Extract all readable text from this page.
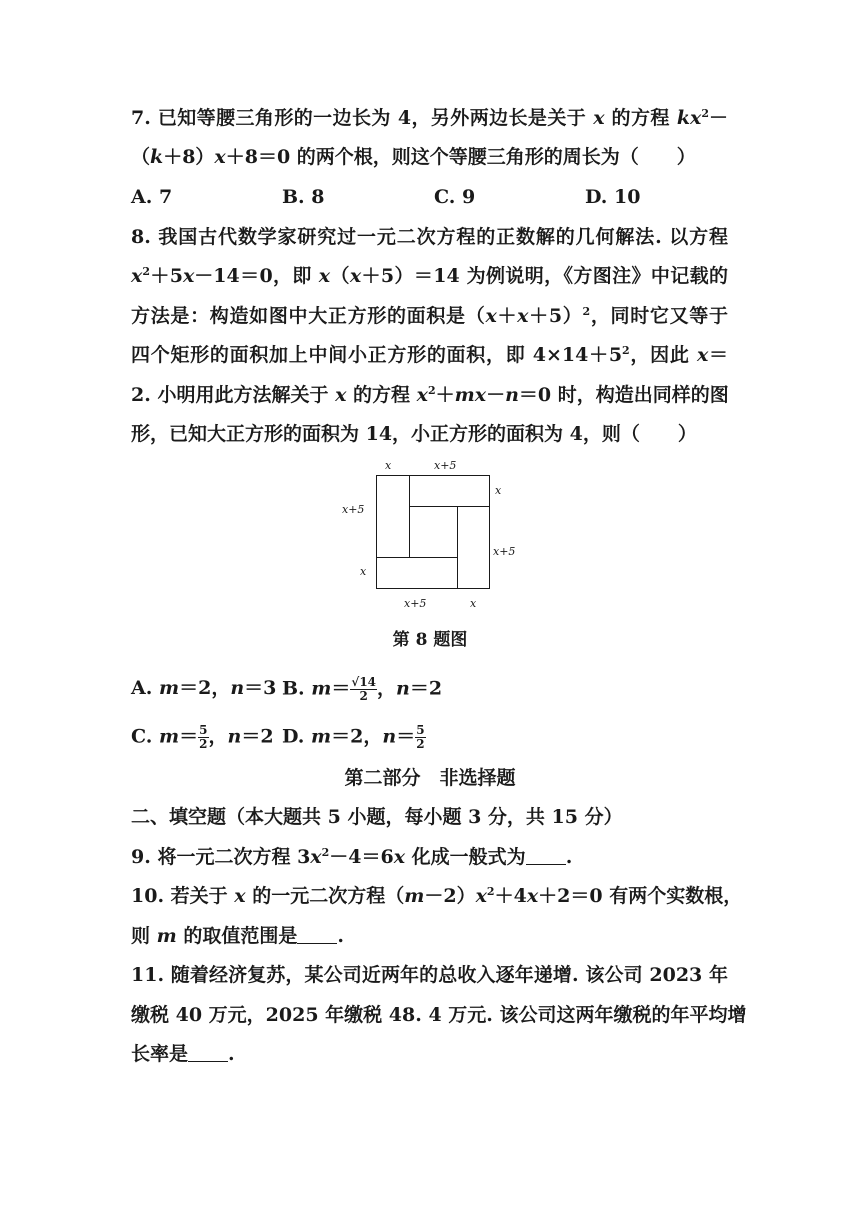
7. 已知等腰三角形的一边长为 4，另外两边长是关于 x 的方程 $kx^2-$
（k＋8）x＋8＝0 的两个根，则这个等腰三角形的周长为（　　）
A. 7	B. 8	C. 9	D. 10
8. 我国古代数学家研究过一元二次方程的正数解的几何解法. 以方程
$x^2+5x-14=0$，即 x（x＋5）＝14 为例说明，《方图注》中记载的
方法是：构造如图中大正方形的面积是$(x+x+5)^2$，同时它又等于
四个矩形的面积加上中间小正方形的面积，即 $4\times 14+5^2$，因此 x＝
2. 小明用此方法解关于 x 的方程 $x^2+mx-n=0$ 时，构造出同样的图
形，已知大正方形的面积为 14，小正方形的面积为 4，则（　　）
x	x+5
x
x+5
x+5
x
x+5	x
第 8 题图
A. m＝2，n＝3 B. $m= \frac{√14}{2}$ ，n＝2
C. $m= \frac{5}{2}$ ，n＝2 D. m＝2，$n= \frac{5}{2}$
第二部分　非选择题
二、填空题（本大题共 5 小题，每小题 3 分，共 15 分）
9. 将一元二次方程 $3x^2-4=6x$ 化成一般式为 .
10. 若关于 x 的一元二次方程$(m-2)x^2+4x+2=0$ 有两个实数根，
则 m 的取值范围是 .
11. 随着经济复苏，某公司近两年的总收入逐年递增. 该公司 2023 年
缴税 40 万元，2025 年缴税 48. 4 万元. 该公司这两年缴税的年平均增
长率是 .
